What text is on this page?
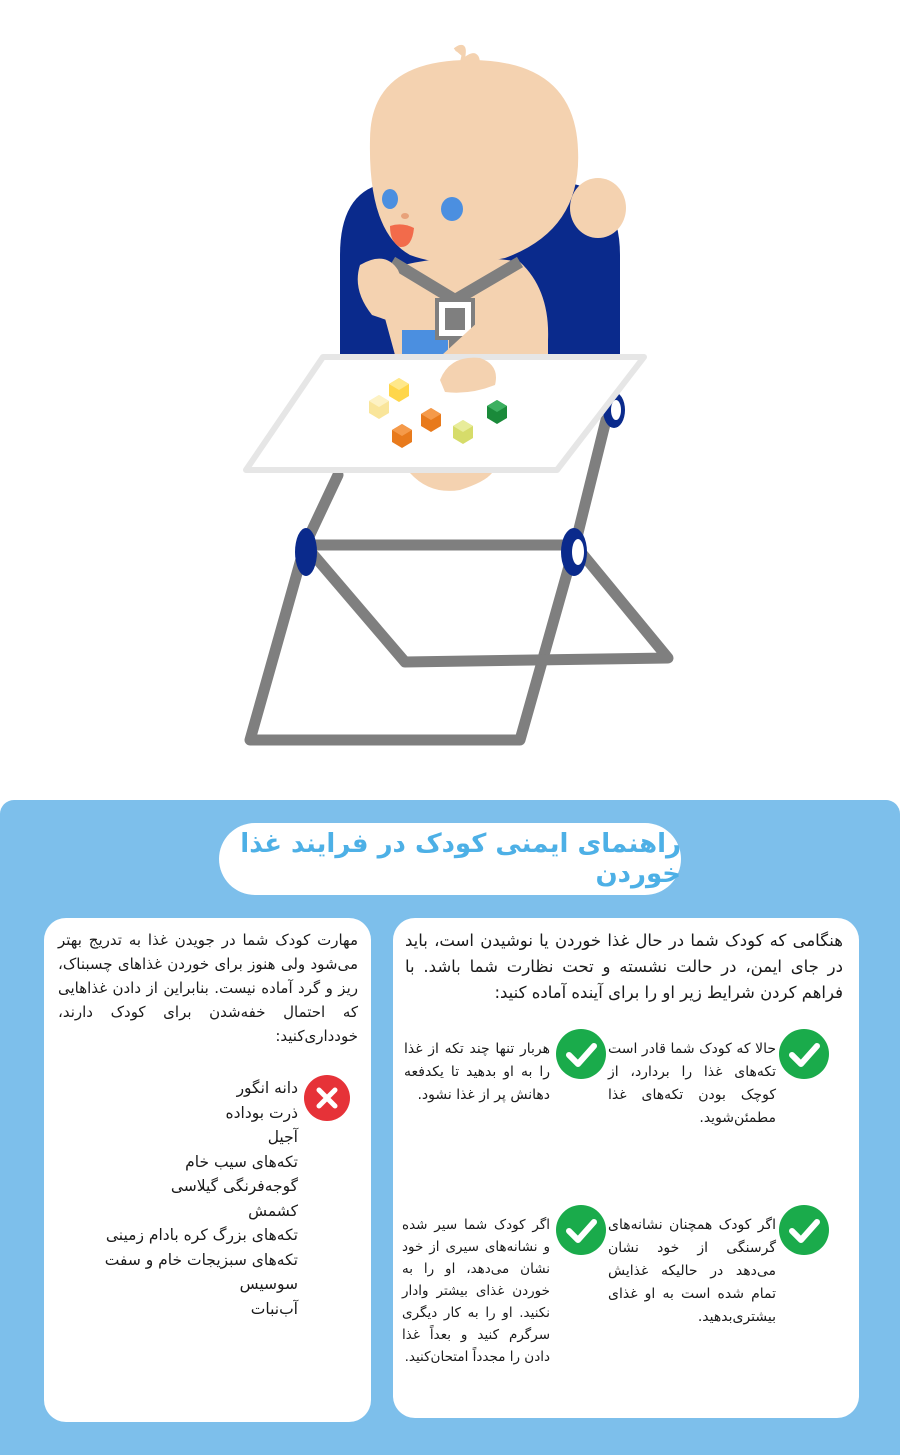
راهنمای ایمنی کودک در فرایند غذا خوردن

هنگامی که کودک شما در حال غذا خوردن یا نوشیدن است، باید در جای ایمن، در حالت نشسته و تحت نظارت شما باشد. با فراهم کردن شرایط زیر او را برای آینده آماده کنید:

حالا که کودک شما قادر است تکه‌های غذا را بردارد، از کوچک بودن تکه‌های غذا مطمئن‌شوید.

هربار تنها چند تکه از غذا را به او بدهید تا یکدفعه دهانش پر از غذا نشود.

اگر کودک همچنان نشانه‌های گرسنگی از خود نشان می‌دهد در حالیکه غذایش تمام شده است به او غذای بیشتری‌بدهید.

اگر کودک شما سیر شده و نشانه‌های سیری از خود نشان می‌دهد، او را به خوردن غذای بیشتر وادار نکنید. او را به کار دیگری سرگرم کنید و بعداً غذا دادن را مجدداً امتحان‌کنید.

مهارت کودک شما در جویدن غذا به تدریج بهتر می‌شود ولی هنوز برای خوردن غذاهای چسبناک، ریز و گرد آماده نیست. بنابراین از دادن غذاهایی که احتمال خفه‌شدن برای کودک دارند، خودداری‌کنید:

دانه انگور
ذرت بوداده
آجیل
تکه‌های سیب خام
گوجه‌فرنگی گیلاسی
کشمش
تکه‌های بزرگ کره بادام زمینی
تکه‌های سبزیجات خام و سفت
سوسیس
آب‌نبات
